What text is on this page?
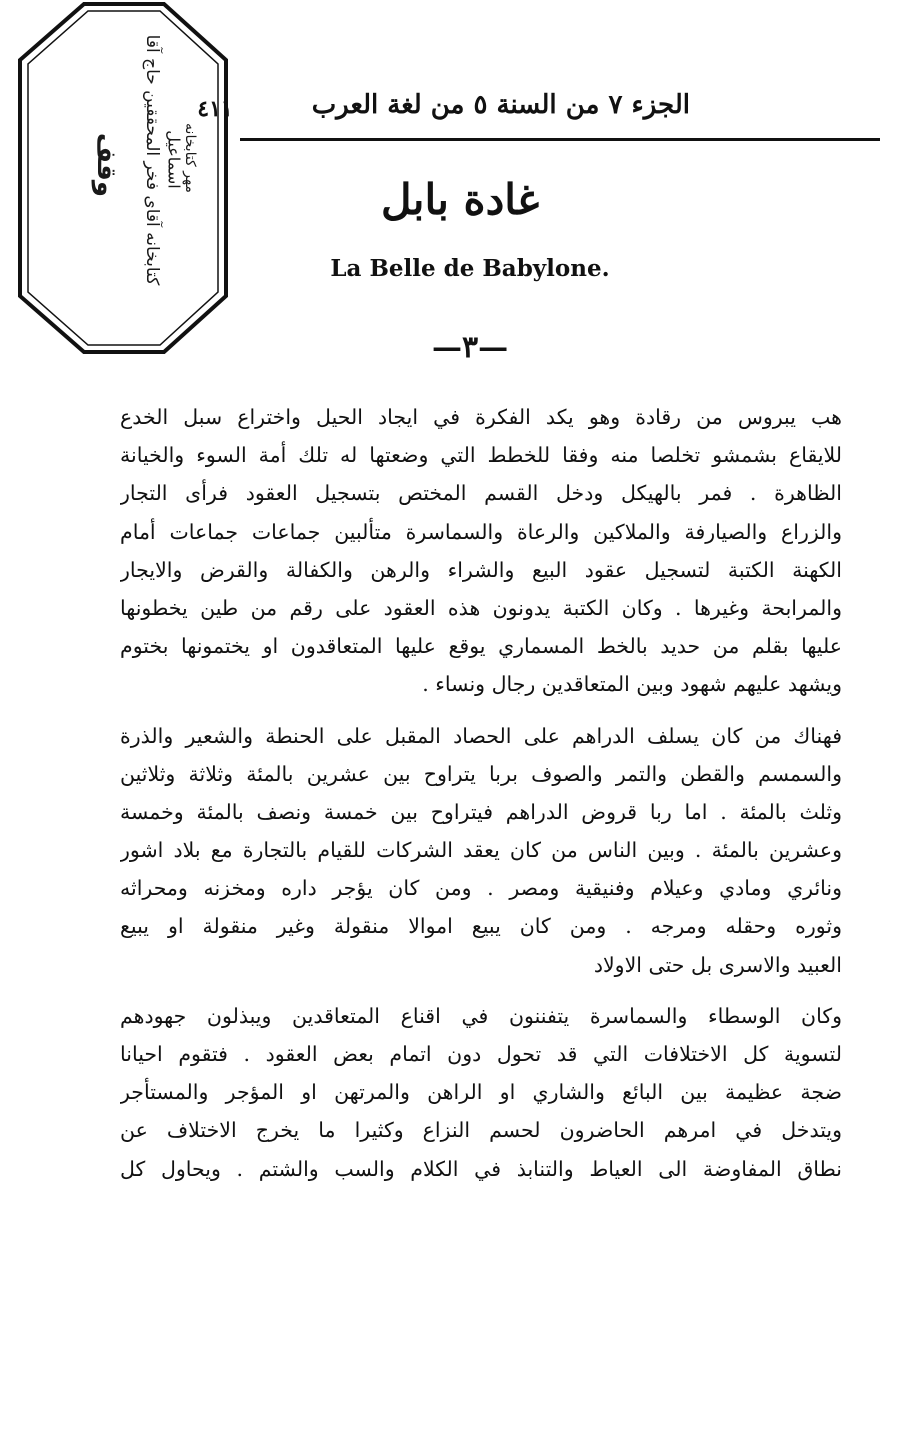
وقف كتابخانه آقای فخر المحققین حاج آقا اسماعیل
مهر کتابخانه
٤١١	الجزء ٧ من السنة ٥ من لغة العرب
غادة بابل
La Belle de Babylone.
—٣—
هب يبروس من رقادة وهو يكد الفكرة في ايجاد الحيل واختراع سبل الخدع
للايقاع بشمشو تخلصا منه وفقا للخطط التي وضعتها له تلك أمة السوء والخيانة
الظاهرة . فمر بالهيكل ودخل القسم المختص بتسجيل العقود فرأى التجار
والزراع والصيارفة والملاكين والرعاة والسماسرة متألبين جماعات جماعات أمام
الكهنة الكتبة لتسجيل عقود البيع والشراء والرهن والكفالة والقرض والايجار
والمرابحة وغيرها . وكان الكتبة يدونون هذه العقود على رقم من طين يخطونها
عليها بقلم من حديد بالخط المسماري يوقع عليها المتعاقدون او يختمونها بختوم
ويشهد عليهم شهود وبين المتعاقدين رجال ونساء .
فهناك من كان يسلف الدراهم على الحصاد المقبل على الحنطة والشعير والذرة
والسمسم والقطن والتمر والصوف بربا يتراوح بين عشرين بالمئة وثلاثة وثلاثين
وثلث بالمئة . اما ربا قروض الدراهم فيتراوح بين خمسة ونصف بالمئة وخمسة
وعشرين بالمئة . وبين الناس من كان يعقد الشركات للقيام بالتجارة مع بلاد اشور
ونائري ومادي وعيلام وفنيقية ومصر . ومن كان يؤجر داره ومخزنه ومحراثه
وثوره وحقله ومرجه . ومن كان يبيع اموالا منقولة وغير منقولة او يبيع
العبيد والاسرى بل حتى الاولاد
وكان الوسطاء والسماسرة يتفننون في اقناع المتعاقدين ويبذلون جهودهم
لتسوية كل الاختلافات التي قد تحول دون اتمام بعض العقود . فتقوم احيانا
ضجة عظيمة بين البائع والشاري او الراهن والمرتهن او المؤجر والمستأجر
ويتدخل في امرهم الحاضرون لحسم النزاع وكثيرا ما يخرج الاختلاف عن
نطاق المفاوضة الى العياط والتنابذ في الكلام والسب والشتم . ويحاول كل
